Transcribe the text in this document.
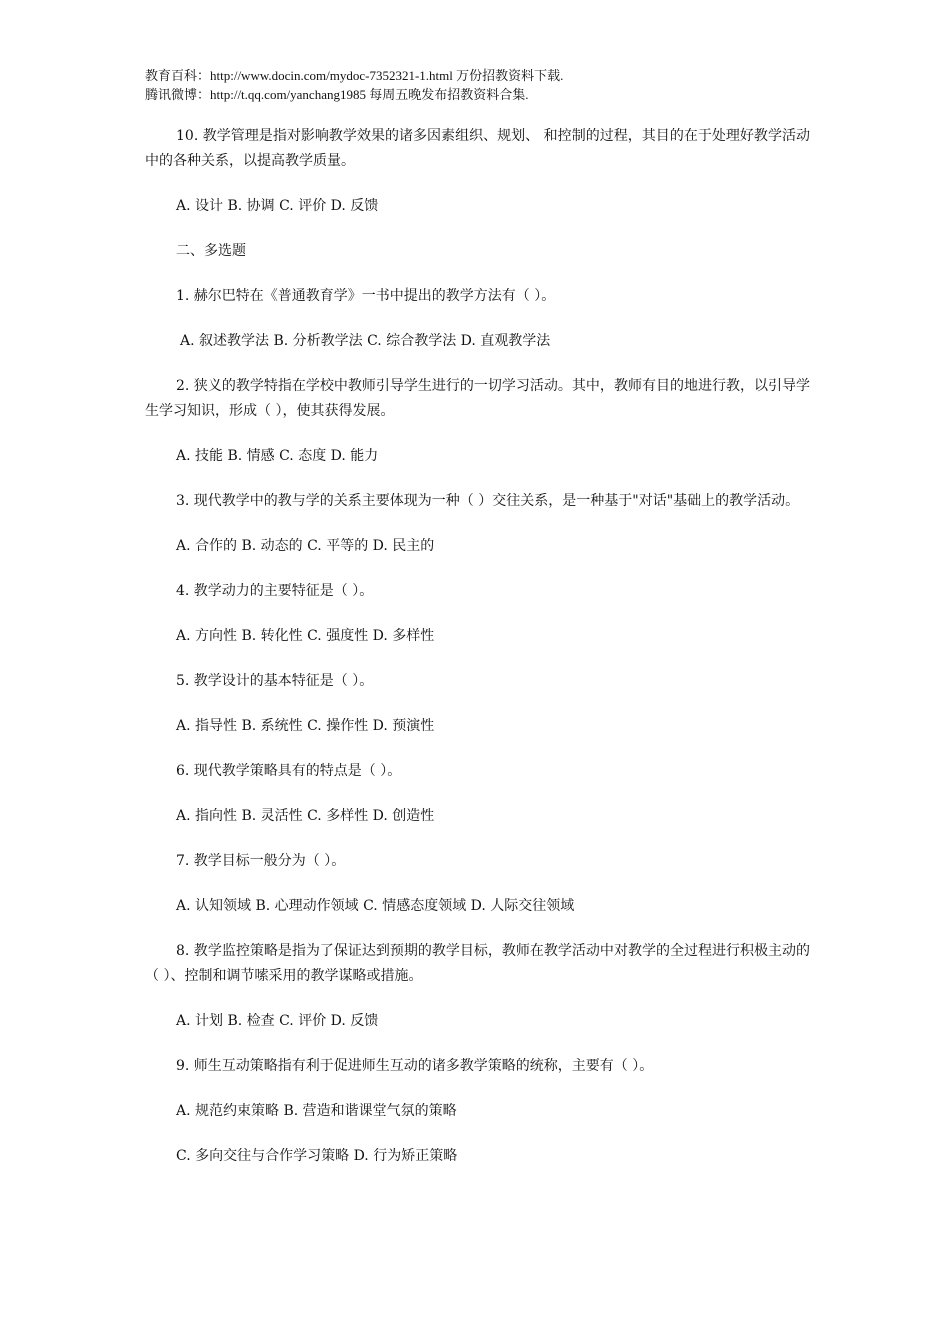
教育百科：http://www.docin.com/mydoc-7352321-1.html 万份招教资料下载.
腾讯微博：http://t.qq.com/yanchang1985 每周五晚发布招教资料合集.

10. 教学管理是指对影响教学效果的诸多因素组织、规划、 和控制的过程，其目的在于处理好教学活动中的各种关系，以提高教学质量。

A. 设计 B. 协调 C. 评价 D. 反馈

二、多选题

1. 赫尔巴特在《普通教育学》一书中提出的教学方法有（ ）。

A. 叙述教学法 B. 分析教学法 C. 综合教学法 D. 直观教学法

2. 狭义的教学特指在学校中教师引导学生进行的一切学习活动。其中，教师有目的地进行教，以引导学生学习知识，形成（ ），使其获得发展。

A. 技能 B. 情感 C. 态度 D. 能力

3. 现代教学中的教与学的关系主要体现为一种（ ）交往关系，是一种基于"对话"基础上的教学活动。

A. 合作的 B. 动态的 C. 平等的 D. 民主的

4. 教学动力的主要特征是（ ）。

A. 方向性 B. 转化性 C. 强度性 D. 多样性

5. 教学设计的基本特征是（ ）。

A. 指导性 B. 系统性 C. 操作性 D. 预演性

6. 现代教学策略具有的特点是（ ）。

A. 指向性 B. 灵活性 C. 多样性 D. 创造性

7. 教学目标一般分为（ ）。

A. 认知领域 B. 心理动作领域 C. 情感态度领域 D. 人际交往领域

8. 教学监控策略是指为了保证达到预期的教学目标，教师在教学活动中对教学的全过程进行积极主动的（ ）、控制和调节嗦采用的教学谋略或措施。

A. 计划 B. 检查 C. 评价 D. 反馈

9. 师生互动策略指有利于促进师生互动的诸多教学策略的统称，主要有（ ）。

A. 规范约束策略 B. 营造和谐课堂气氛的策略

C. 多向交往与合作学习策略 D. 行为矫正策略
